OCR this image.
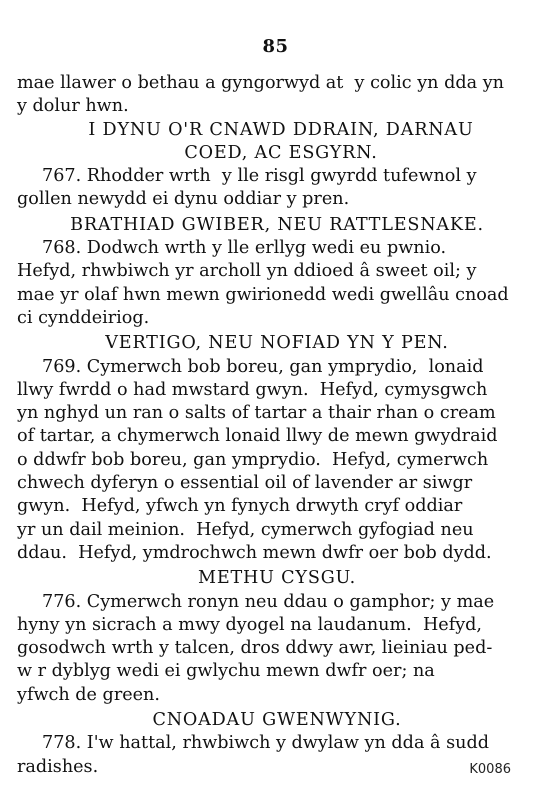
85
mae llawer o bethau a gyngorwyd at  y colic yn dda yn
y dolur hwn.
I DYNU O'R CNAWD DDRAIN, DARNAU
COED, AC ESGYRN.
767. Rhodder wrth  y lle risgl gwyrdd tufewnol y
gollen newydd ei dynu oddiar y pren.
BRATHIAD GWIBER, NEU RATTLESNAKE.
768. Dodwch wrth y lle erllyg wedi eu pwnio.
Hefyd, rhwbiwch yr archoll yn ddioed â sweet oil; y
mae yr olaf hwn mewn gwirionedd wedi gwellâu cnoad
ci cynddeiriog.
VERTIGO, NEU NOFIAD YN Y PEN.
769. Cymerwch bob boreu, gan ymprydio,  lonaid
llwy fwrdd o had mwstard gwyn.  Hefyd, cymysgwch
yn nghyd un ran o salts of tartar a thair rhan o cream
of tartar, a chymerwch lonaid llwy de mewn gwydraid
o ddwfr bob boreu, gan ymprydio.  Hefyd, cymerwch
chwech dyferyn o essential oil of lavender ar siwgr
gwyn.  Hefyd, yfwch yn fynych drwyth cryf oddiar
yr un dail meinion.  Hefyd, cymerwch gyfogiad neu
ddau.  Hefyd, ymdrochwch mewn dwfr oer bob dydd.
METHU CYSGU.
776. Cymerwch ronyn neu ddau o gamphor; y mae
hyny yn sicrach a mwy dyogel na laudanum.  Hefyd,
gosodwch wrth y talcen, dros ddwy awr, lieiniau ped-
w r dyblyg wedi ei gwlychu mewn dwfr oer; na
yfwch de green.
CNOADAU GWENWYNIG.
778. I'w hattal, rhwbiwch y dwylaw yn dda â sudd
radishes.	K0086
